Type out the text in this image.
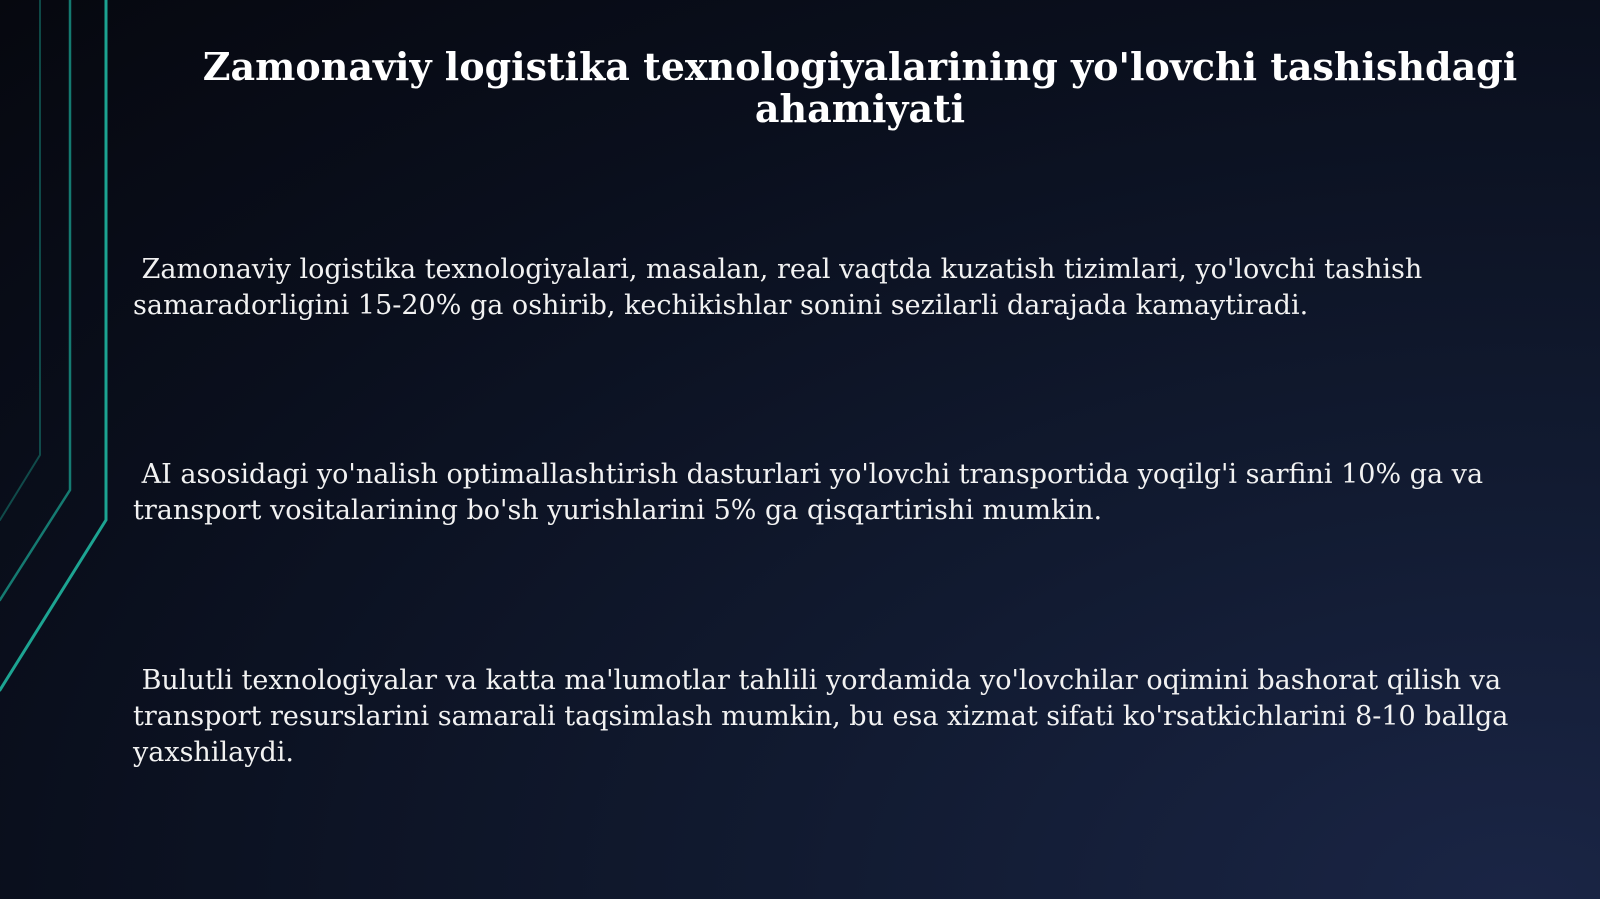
Zamonaviy logistika texnologiyalarining yo'lovchi tashishdagi ahamiyati

Zamonaviy logistika texnologiyalari, masalan, real vaqtda kuzatish tizimlari, yo'lovchi tashish samaradorligini 15-20% ga oshirib, kechikishlar sonini sezilarli darajada kamaytiradi.

AI asosidagi yo'nalish optimallashtirish dasturlari yo'lovchi transportida yoqilg'i sarfini 10% ga va transport vositalarining bo'sh yurishlarini 5% ga qisqartirishi mumkin.

Bulutli texnologiyalar va katta ma'lumotlar tahlili yordamida yo'lovchilar oqimini bashorat qilish va transport resurslarini samarali taqsimlash mumkin, bu esa xizmat sifati ko'rsatkichlarini 8-10 ballga yaxshilaydi.
